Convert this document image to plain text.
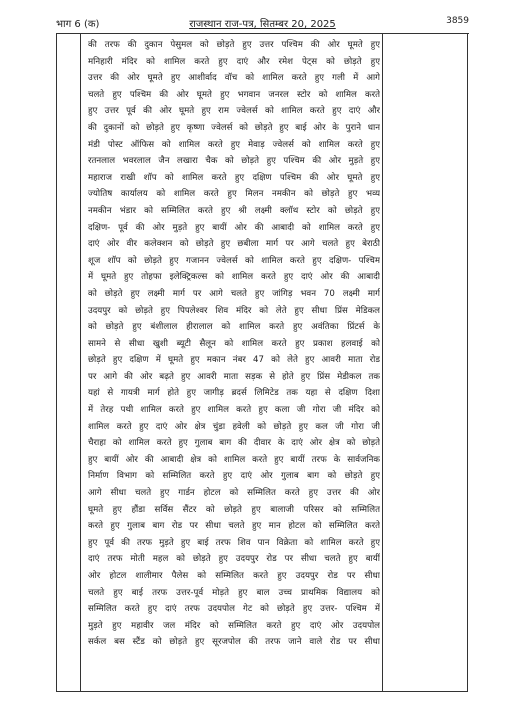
भाग 6 (क)	राजस्थान राज-पत्र, सितम्बर 20, 2025	3859
की तरफ की दुकान पेसुमल को छोड़ते हुए उत्तर पश्चिम की ओर घूमते हुए
मनिहारी मंदिर को शामिल करते हुए दाएं और रमेश पेट्स को छोड़ते हुए
उत्तर की ओर घूमते हुए आशीर्वाद वॉच को शामिल करते हुए गली में आगे
चलते हुए पश्चिम की ओर घूमते हुए भगवान जनरल स्टोर को शामिल करते
हुए उत्तर पूर्व की ओर घूमते हुए राम ज्वेलर्स को शामिल करते हुए दाएं और
की दुकानों को छोड़ते हुए कृष्णा ज्वेलर्स को छोड़ते हुए बाई ओर के पुराने धान
मंडी पोस्ट ऑफिस को शामिल करते हुए मेवाड़ ज्वेलर्स को शामिल करते हुए
रतनलाल भवरलाल जैन लखारा चैक को छोड़ते हुए पश्चिम की ओर मुड़ते हुए
महाराज राखी शॉप को शामिल करते हुए दक्षिण पश्चिम की ओर घूमते हुए
ज्योतिष कार्यालय को शामिल करते हुए मिलन नमकीन को छोड़ते हुए भव्य
नमकीन भंडार को सम्मिलित करते हुए श्री लक्ष्मी क्लॉथ स्टोर को छोड़ते हुए
दक्षिण- पूर्व की ओर मुड़ते हुए बायीं ओर की आबादी को शामिल करते हुए
दाएं ओर वीर कलेक्शन को छोड़ते हुए छबीला मार्ग पर आगे चलते हुए बेराठी
शूज शॉप को छोड़ते हुए गजानन ज्वेलर्स को शामिल करते हुए दक्षिण- पश्चिम
में घूमते हुए तोहफा इलेक्ट्रिकल्स को शामिल करते हुए दाएं ओर की आबादी
को छोड़ते हुए लक्ष्मी मार्ग पर आगे चलते हुए जांगिड़ भवन 70 लक्ष्मी मार्ग
उदयपुर को छोड़ते हुए पिपलेश्वर शिव मंदिर को लेते हुए सीधा प्रिंस मेडिकल
को छोड़ते हुए बंशीलाल हीरालाल को शामिल करते हुए अवंतिका प्रिंटर्स के
सामने से सीधा खुशी ब्यूटी सैलून को शामिल करते हुए प्रकाश हलवाई को
छोड़ते हुए दक्षिण में घूमते हुए मकान नंबर 47 को लेते हुए आवरी माता रोड
पर आगे की ओर बढ़ते हुए आवरी माता सड़क से होते हुए प्रिंस मेडीकल तक
यहां से गायत्री मार्ग होते हुए जागीड़ ब्रदर्स लिमिटेड तक यहा से दक्षिण दिशा
में तेरह पथी शामिल करते हुए शामिल करते हुए कला जी गोरा जी मंदिर को
शामिल करते हुए दाएं ओर क्षेत्र चुंडा हवेली को छोड़ते हुए कल जी गोरा जी
चैराहा को शामिल करते हुए गुलाब बाग की दीवार के दाएं ओर क्षेत्र को छोड़ते
हुए बायीं ओर की आबादी क्षेत्र को शामिल करते हुए बायीं तरफ के सार्वजनिक
निर्माण विभाग को सम्मिलित करते हुए दाएं ओर गुलाब बाग को छोड़ते हुए
आगे सीधा चलते हुए गार्डन होटल को सम्मिलित करते हुए उत्तर की ओर
घूमते हुए हौंडा सर्विस सैंटर को छोड़ते हुए बालाजी परिसर को सम्मिलित
करते हुए गुलाब बाग रोड पर सीधा चलते हुए मान होटल को सम्मिलित करते
हुए पूर्व की तरफ मुड़ते हुए बाई तरफ शिव पान विक्रेता को शामिल करते हुए
दाएं तरफ मोती महल को छोड़ते हुए उदयपुर रोड पर सीधा चलते हुए बायीं
ओर होटल शालीमार पैलेस को सम्मिलित करते हुए उदयपुर रोड पर सीधा
चलते हुए बाई तरफ उत्तर-पूर्व मोड़ते हुए बाल उच्च प्राथमिक विद्यालय को
सम्मिलित करते हुए दाएं तरफ उदयपोल गेट को छोड़ते हुए उत्तर- पश्चिम में
मुड़ते हुए महावीर जल मंदिर को सम्मिलित करते हुए दाएं ओर उदयपोल
सर्कल बस स्टैंड को छोड़ते हुए सूरजपोल की तरफ जाने वाले रोड पर सीधा
